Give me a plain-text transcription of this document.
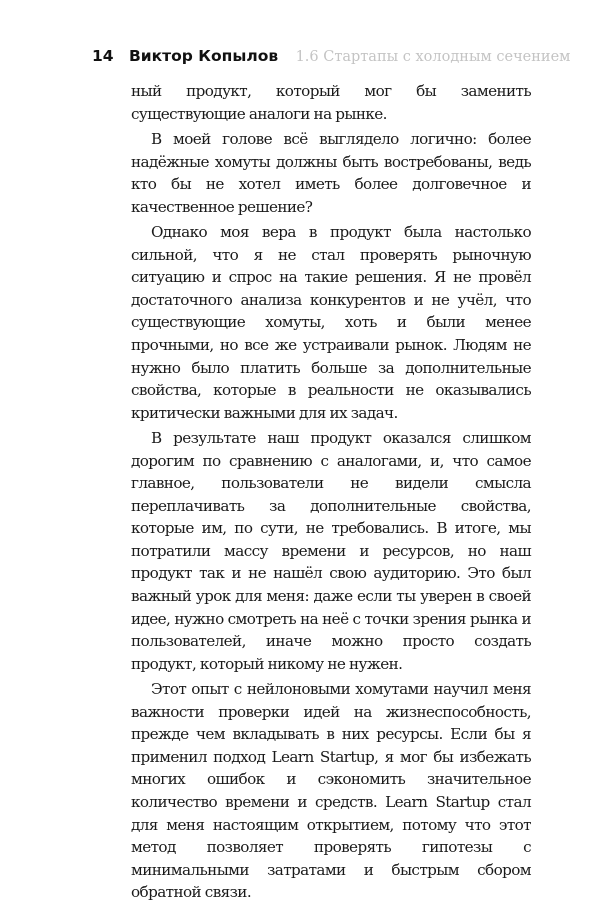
14 Виктор Копылов 1.6 Стартапы с холодным сечением

ный продукт, который мог бы заменить существующие аналоги на рынке.

В моей голове всё выглядело логично: более надёжные хомуты должны быть востребованы, ведь кто бы не хотел иметь более долговечное и качественное решение?

Однако моя вера в продукт была настолько сильной, что я не стал проверять рыночную ситуацию и спрос на такие решения. Я не провёл достаточного анализа конкурентов и не учёл, что существующие хомуты, хоть и были менее прочными, но все же устраивали рынок. Людям не нужно было платить больше за дополнительные свойства, которые в реальности не оказывались критически важными для их задач.

В результате наш продукт оказался слишком дорогим по сравнению с аналогами, и, что самое главное, пользователи не видели смысла переплачивать за дополнительные свойства, которые им, по сути, не требовались. В итоге, мы потратили массу времени и ресурсов, но наш продукт так и не нашёл свою аудиторию. Это был важный урок для меня: даже если ты уверен в своей идее, нужно смотреть на неё с точки зрения рынка и пользователей, иначе можно просто создать продукт, который никому не нужен.

Этот опыт с нейлоновыми хомутами научил меня важности проверки идей на жизнеспособность, прежде чем вкладывать в них ресурсы. Если бы я применил подход Learn Startup, я мог бы избежать многих ошибок и сэкономить значительное количество времени и средств. Learn Startup стал для меня настоящим открытием, потому что этот метод позволяет проверять гипотезы с минимальными затратами и быстрым сбором обратной связи.
